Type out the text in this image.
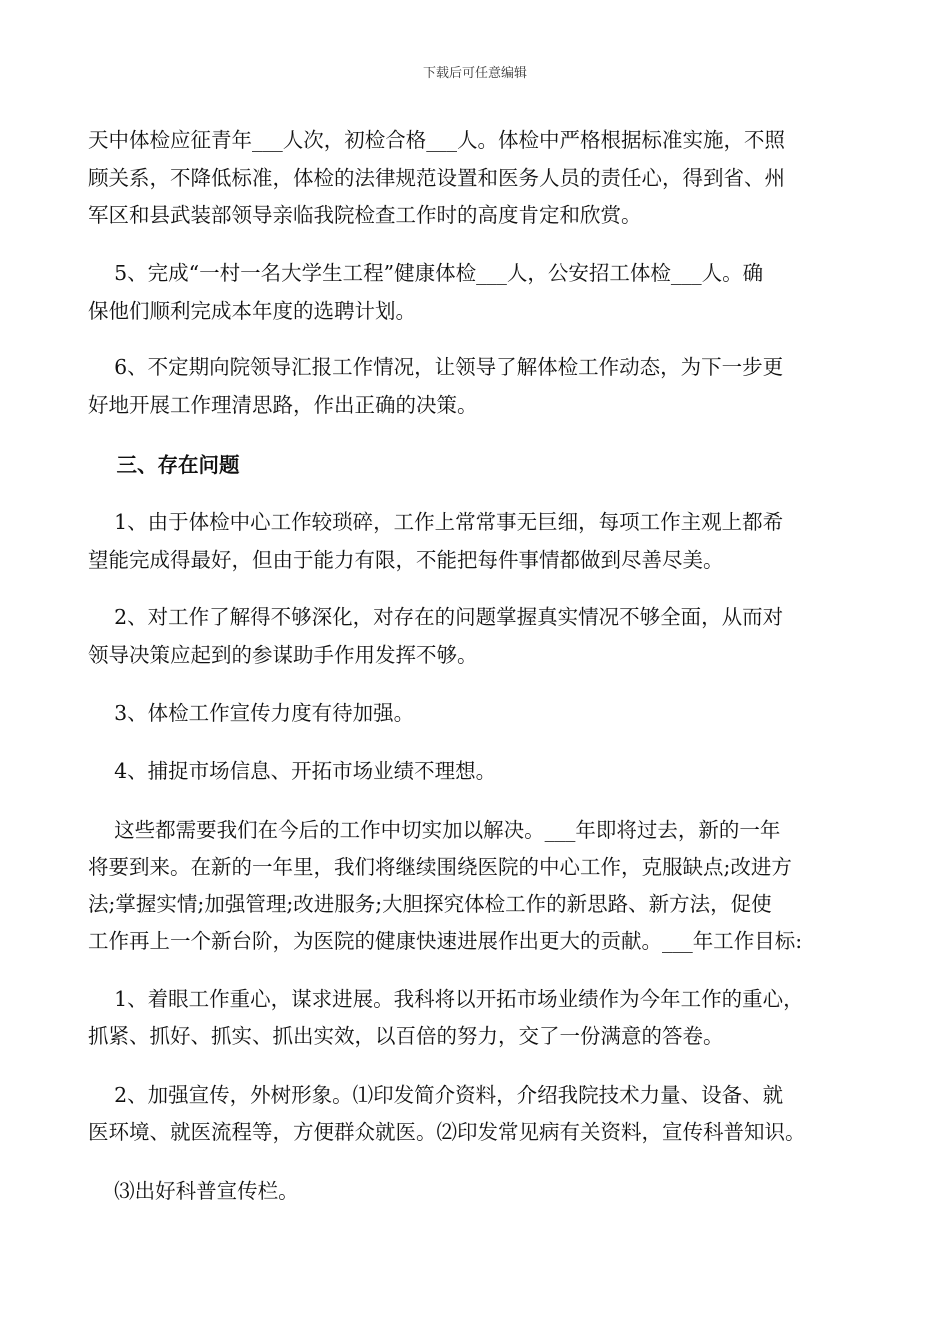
下载后可任意编辑
天中体检应征青年___人次，初检合格___人。体检中严格根据标准实施，不照
顾关系，不降低标准，体检的法律规范设置和医务人员的责任心，得到省、州
军区和县武装部领导亲临我院检查工作时的高度肯定和欣赏。
5、完成“一村一名大学生工程”健康体检___人，公安招工体检___人。确
保他们顺利完成本年度的选聘计划。
6、不定期向院领导汇报工作情况，让领导了解体检工作动态，为下一步更
好地开展工作理清思路，作出正确的决策。
三、存在问题
1、由于体检中心工作较琐碎，工作上常常事无巨细，每项工作主观上都希
望能完成得最好，但由于能力有限，不能把每件事情都做到尽善尽美。
2、对工作了解得不够深化，对存在的问题掌握真实情况不够全面，从而对
领导决策应起到的参谋助手作用发挥不够。
3、体检工作宣传力度有待加强。
4、捕捉市场信息、开拓市场业绩不理想。
这些都需要我们在今后的工作中切实加以解决。___年即将过去，新的一年
将要到来。在新的一年里，我们将继续围绕医院的中心工作，克服缺点;改进方
法;掌握实情;加强管理;改进服务;大胆探究体检工作的新思路、新方法，促使
工作再上一个新台阶，为医院的健康快速进展作出更大的贡献。___年工作目标:
1、着眼工作重心，谋求进展。我科将以开拓市场业绩作为今年工作的重心，
抓紧、抓好、抓实、抓出实效，以百倍的努力，交了一份满意的答卷。
2、加强宣传，外树形象。⑴印发简介资料，介绍我院技术力量、设备、就
医环境、就医流程等，方便群众就医。⑵印发常见病有关资料，宣传科普知识。
⑶出好科普宣传栏。
